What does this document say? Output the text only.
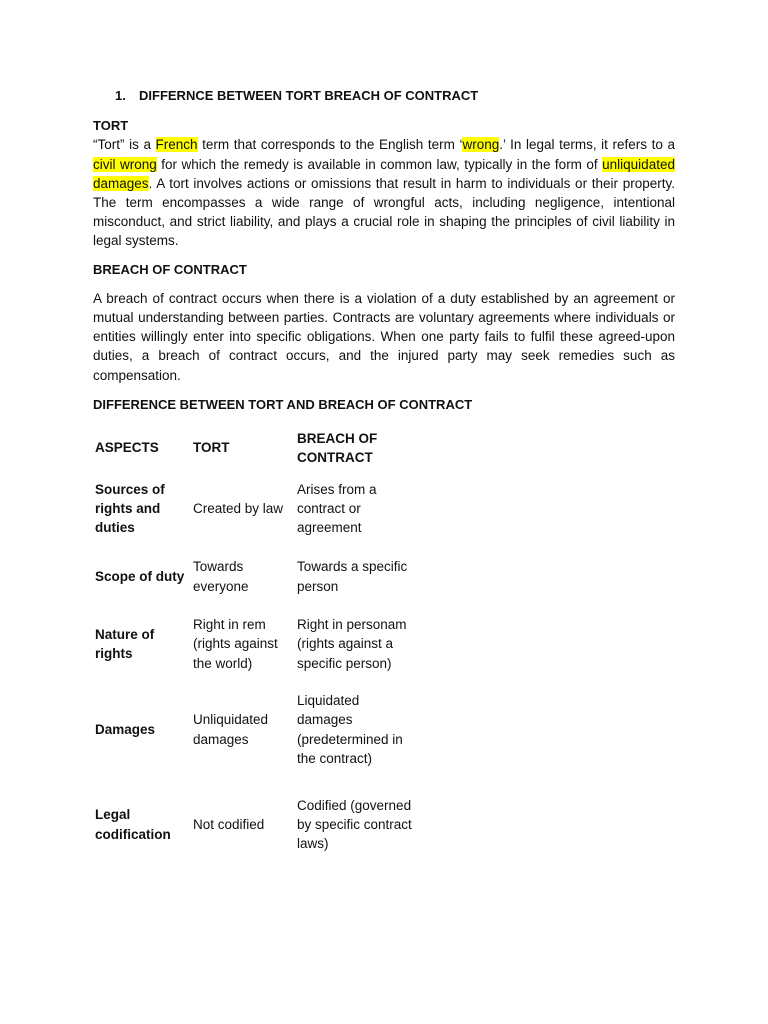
1.	DIFFERNCE BETWEEN TORT BREACH OF CONTRACT

TORT

“Tort” is a French term that corresponds to the English term ‘wrong.’ In legal terms, it refers to a civil wrong for which the remedy is available in common law, typically in the form of unliquidated damages. A tort involves actions or omissions that result in harm to individuals or their property. The term encompasses a wide range of wrongful acts, including negligence, intentional misconduct, and strict liability, and plays a crucial role in shaping the principles of civil liability in legal systems.

BREACH OF CONTRACT

A breach of contract occurs when there is a violation of a duty established by an agreement or mutual understanding between parties. Contracts are voluntary agreements where individuals or entities willingly enter into specific obligations. When one party fails to fulfil these agreed-upon duties, a breach of contract occurs, and the injured party may seek remedies such as compensation.

DIFFERENCE BETWEEN TORT AND BREACH OF CONTRACT

ASPECTS	TORT	BREACH OF CONTRACT
Sources of rights and duties	Created by law	Arises from a contract or agreement
Scope of duty	Towards everyone	Towards a specific person
Nature of rights	Right in rem (rights against the world)	Right in personam (rights against a specific person)
Damages	Unliquidated damages	Liquidated damages (predetermined in the contract)
Legal codification	Not codified	Codified (governed by specific contract laws)
